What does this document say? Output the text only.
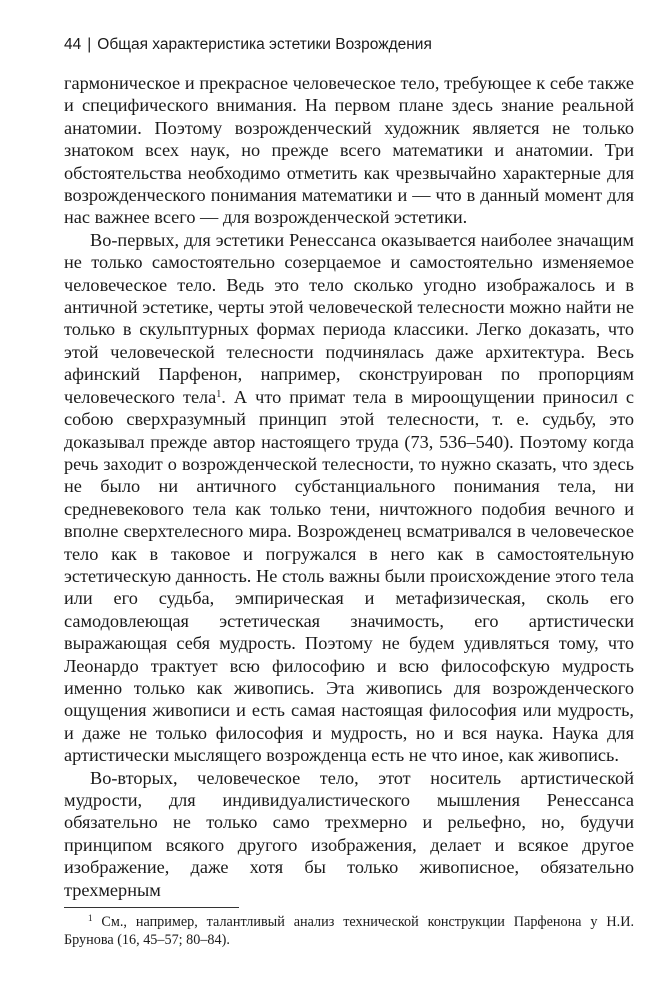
44 | Общая характеристика эстетики Возрождения

гармоническое и прекрасное человеческое тело, требующее к себе также и специфического внимания. На первом плане здесь знание реальной анатомии. Поэтому возрожденческий художник является не только знатоком всех наук, но прежде всего математики и анатомии. Три обстоятельства необходимо отметить как чрезвычайно характерные для возрожденческого понимания математики и — что в данный момент для нас важнее всего — для возрожденческой эстетики.

Во-первых, для эстетики Ренессанса оказывается наиболее значащим не только самостоятельно созерцаемое и самостоятельно изменяемое человеческое тело. Ведь это тело сколько угодно изображалось и в античной эстетике, черты этой человеческой телесности можно найти не только в скульптурных формах периода классики. Легко доказать, что этой человеческой телесности подчинялась даже архитектура. Весь афинский Парфенон, например, сконструирован по пропорциям человеческого тела$^1$. А что примат тела в мироощущении приносил с собою сверхразумный принцип этой телесности, т. е. судьбу, это доказывал прежде автор настоящего труда (73, 536–540). Поэтому когда речь заходит о возрожденческой телесности, то нужно сказать, что здесь не было ни античного субстанциального понимания тела, ни средневекового тела как только тени, ничтожного подобия вечного и вполне сверхтелесного мира. Возрожденец всматривался в человеческое тело как в таковое и погружался в него как в самостоятельную эстетическую данность. Не столь важны были происхождение этого тела или его судьба, эмпирическая и метафизическая, сколь его самодовлеющая эстетическая значимость, его артистически выражающая себя мудрость. Поэтому не будем удивляться тому, что Леонардо трактует всю философию и всю философскую мудрость именно только как живопись. Эта живопись для возрожденческого ощущения живописи и есть самая настоящая философия или мудрость, и даже не только философия и мудрость, но и вся наука. Наука для артистически мыслящего возрожденца есть не что иное, как живопись.

Во-вторых, человеческое тело, этот носитель артистической мудрости, для индивидуалистического мышления Ренессанса обязательно не только само трехмерно и рельефно, но, будучи принципом всякого другого изображения, делает и всякое другое изображение, даже хотя бы только живописное, обязательно трехмерным

$^1$ См., например, талантливый анализ технической конструкции Парфенона у Н.И. Брунова (16, 45–57; 80–84).
